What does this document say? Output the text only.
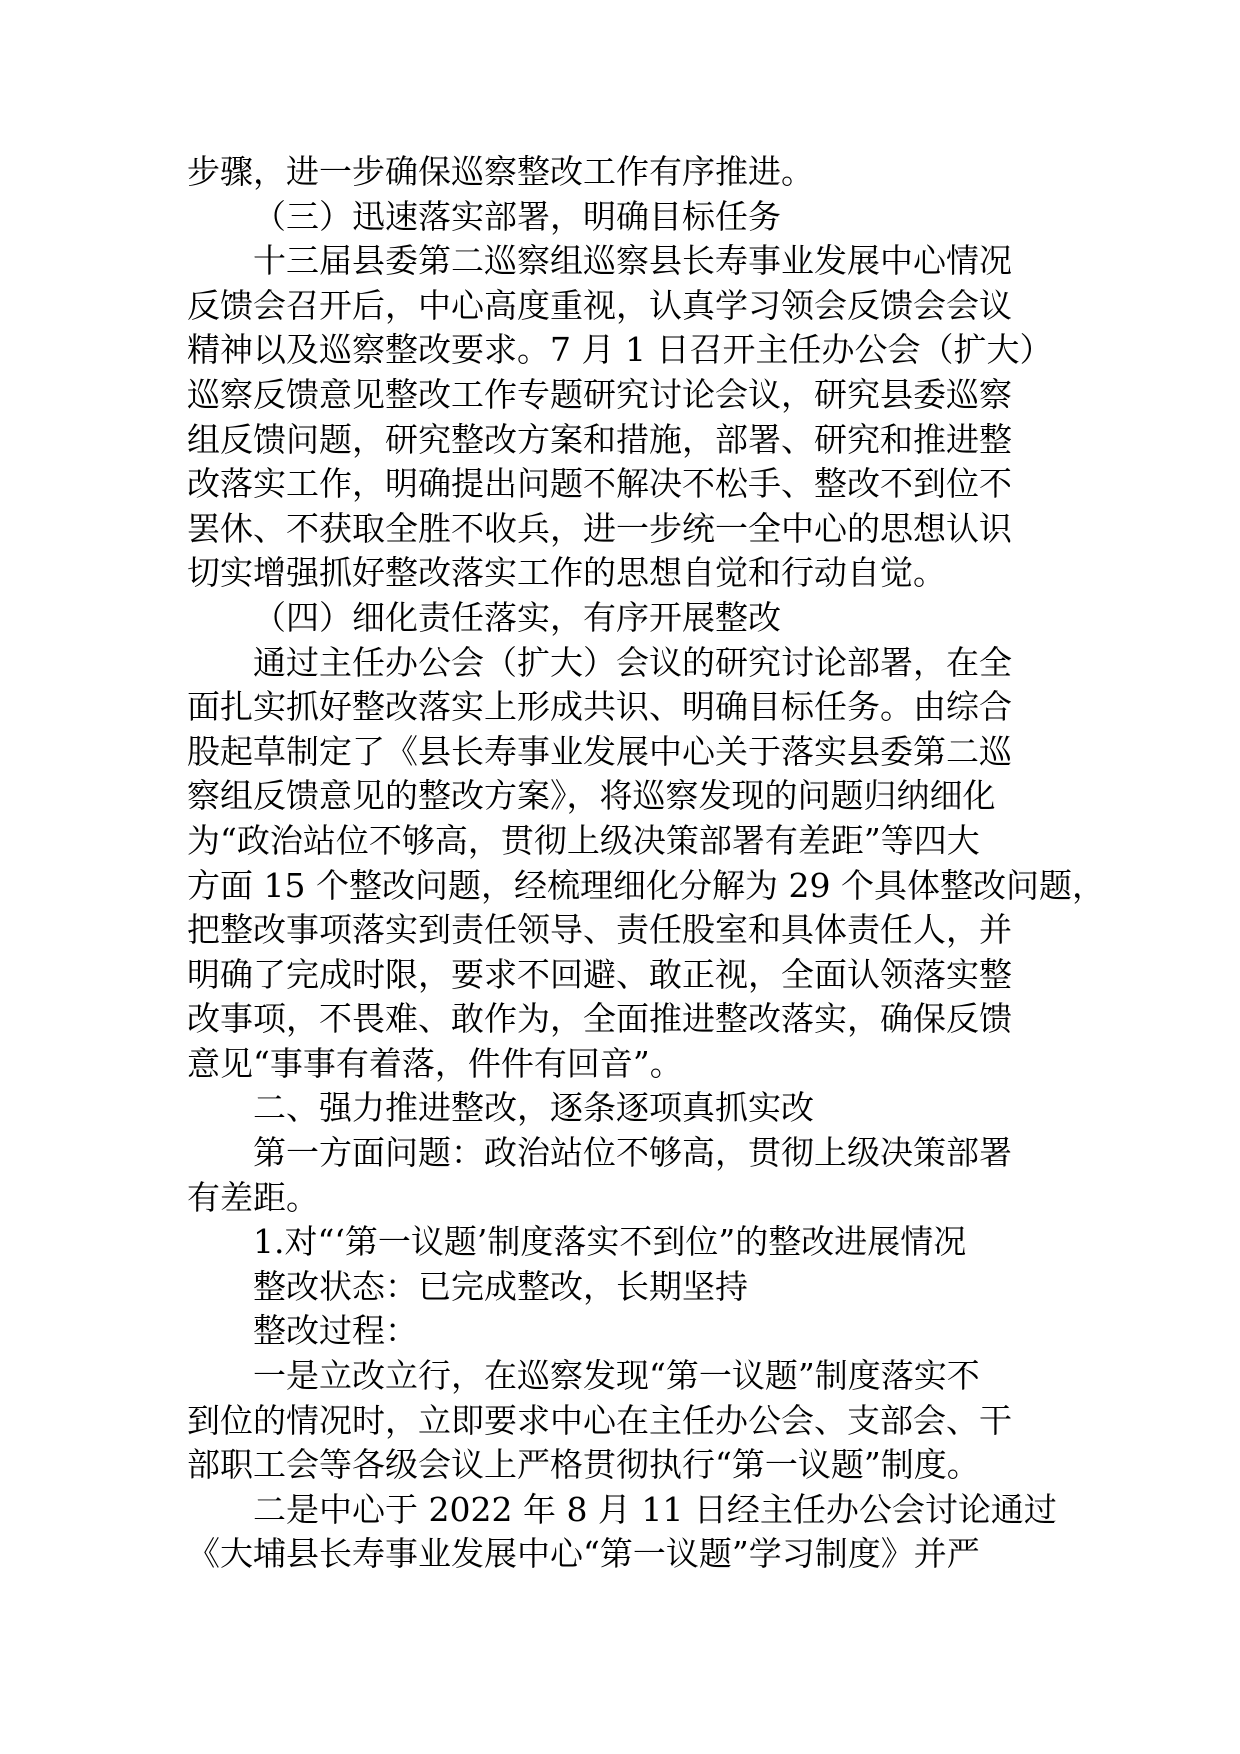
步骤，进一步确保巡察整改工作有序推进。
（三）迅速落实部署，明确目标任务
十三届县委第二巡察组巡察县长寿事业发展中心情况
反馈会召开后，中心高度重视，认真学习领会反馈会会议
精神以及巡察整改要求。7 月 1 日召开主任办公会（扩大）
巡察反馈意见整改工作专题研究讨论会议，研究县委巡察
组反馈问题，研究整改方案和措施，部署、研究和推进整
改落实工作，明确提出问题不解决不松手、整改不到位不
罢休、不获取全胜不收兵，进一步统一全中心的思想认识
切实增强抓好整改落实工作的思想自觉和行动自觉。
（四）细化责任落实，有序开展整改
通过主任办公会（扩大）会议的研究讨论部署，在全
面扎实抓好整改落实上形成共识、明确目标任务。由综合
股起草制定了《县长寿事业发展中心关于落实县委第二巡
察组反馈意见的整改方案》，将巡察发现的问题归纳细化
为“政治站位不够高，贯彻上级决策部署有差距”等四大
方面 15 个整改问题，经梳理细化分解为 29 个具体整改问题，
把整改事项落实到责任领导、责任股室和具体责任人，并
明确了完成时限，要求不回避、敢正视，全面认领落实整
改事项，不畏难、敢作为，全面推进整改落实，确保反馈
意见“事事有着落，件件有回音”。
二、强力推进整改，逐条逐项真抓实改
第一方面问题：政治站位不够高，贯彻上级决策部署
有差距。
1.对“‘第一议题’制度落实不到位”的整改进展情况
整改状态：已完成整改，长期坚持
整改过程：
一是立改立行，在巡察发现“第一议题”制度落实不
到位的情况时，立即要求中心在主任办公会、支部会、干
部职工会等各级会议上严格贯彻执行“第一议题”制度。
二是中心于 2022 年 8 月 11 日经主任办公会讨论通过
《大埔县长寿事业发展中心“第一议题”学习制度》并严
